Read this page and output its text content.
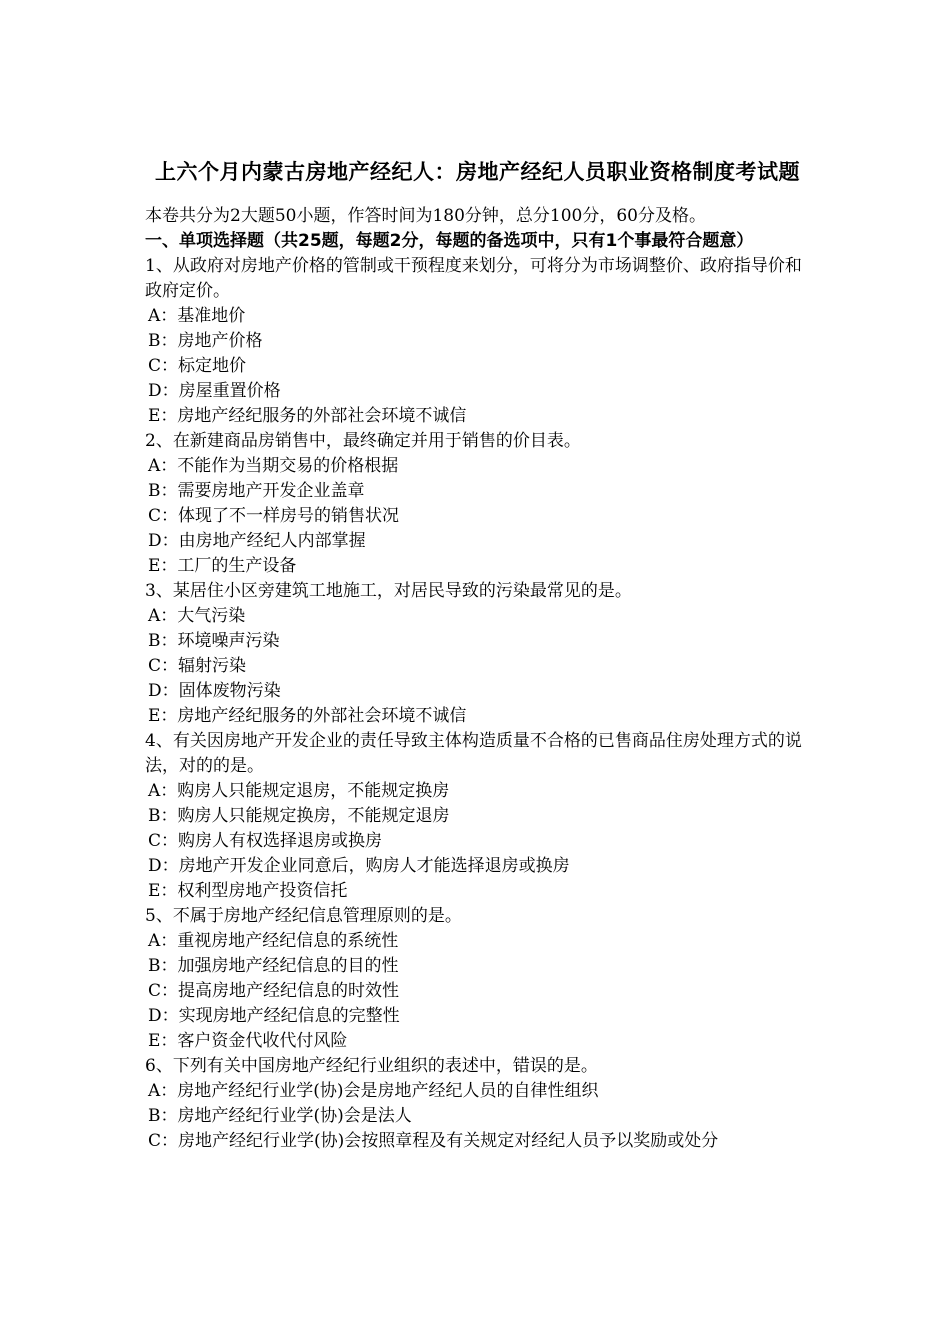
上六个月内蒙古房地产经纪人：房地产经纪人员职业资格制度考试题

本卷共分为2大题50小题，作答时间为180分钟，总分100分，60分及格。

一、单项选择题（共25题，每题2分，每题的备选项中，只有1个事最符合题意）

1、从政府对房地产价格的管制或干预程度来划分，可将分为市场调整价、政府指导价和政府定价。

A：基准地价
B：房地产价格
C：标定地价
D：房屋重置价格
E：房地产经纪服务的外部社会环境不诚信

2、在新建商品房销售中，最终确定并用于销售的价目表。

A：不能作为当期交易的价格根据
B：需要房地产开发企业盖章
C：体现了不一样房号的销售状况
D：由房地产经纪人内部掌握
E：工厂的生产设备

3、某居住小区旁建筑工地施工，对居民导致的污染最常见的是。

A：大气污染
B：环境噪声污染
C：辐射污染
D：固体废物污染
E：房地产经纪服务的外部社会环境不诚信

4、有关因房地产开发企业的责任导致主体构造质量不合格的已售商品住房处理方式的说法，对的的是。

A：购房人只能规定退房，不能规定换房
B：购房人只能规定换房，不能规定退房
C：购房人有权选择退房或换房
D：房地产开发企业同意后，购房人才能选择退房或换房
E：权利型房地产投资信托

5、不属于房地产经纪信息管理原则的是。

A：重视房地产经纪信息的系统性
B：加强房地产经纪信息的目的性
C：提高房地产经纪信息的时效性
D：实现房地产经纪信息的完整性
E：客户资金代收代付风险

6、下列有关中国房地产经纪行业组织的表述中，错误的是。

A：房地产经纪行业学(协)会是房地产经纪人员的自律性组织
B：房地产经纪行业学(协)会是法人
C：房地产经纪行业学(协)会按照章程及有关规定对经纪人员予以奖励或处分
